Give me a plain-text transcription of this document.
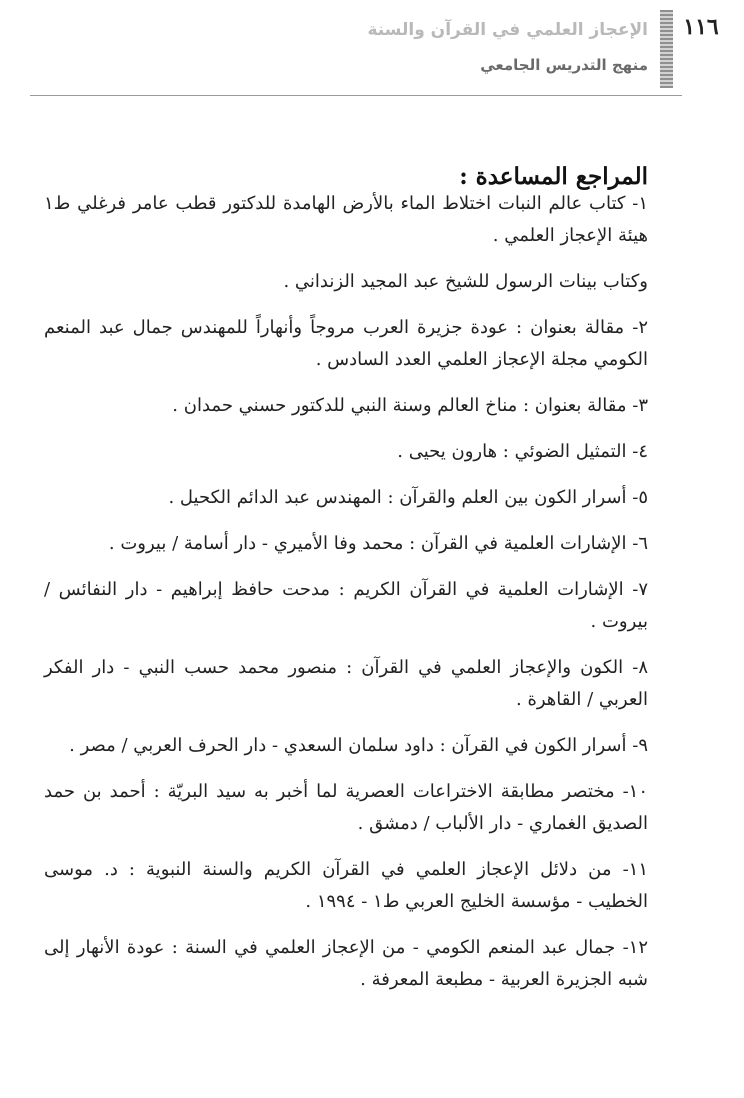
١١٦
الإعجاز العلمي في القرآن والسنة
منهج التدريس الجامعي
المراجع المساعدة :
١- كتاب عالم النبات اختلاط الماء بالأرض الهامدة للدكتور قطب عامر فرغلي ط١ هيئة الإعجاز العلمي .
وكتاب بينات الرسول للشيخ عبد المجيد الزنداني .
٢- مقالة بعنوان : عودة جزيرة العرب مروجاً وأنهاراً للمهندس جمال عبد المنعم الكومي مجلة الإعجاز العلمي العدد السادس .
٣- مقالة بعنوان : مناخ العالم وسنة النبي للدكتور حسني حمدان .
٤- التمثيل الضوئي : هارون يحيى .
٥- أسرار الكون بين العلم والقرآن : المهندس عبد الدائم الكحيل .
٦- الإشارات العلمية في القرآن : محمد وفا الأميري - دار أسامة / بيروت .
٧- الإشارات العلمية في القرآن الكريم : مدحت حافظ إبراهيم - دار النفائس / بيروت .
٨- الكون والإعجاز العلمي في القرآن : منصور محمد حسب النبي - دار الفكر العربي / القاهرة .
٩- أسرار الكون في القرآن : داود سلمان السعدي - دار الحرف العربي / مصر .
١٠- مختصر مطابقة الاختراعات العصرية لما أخبر به سيد البريّة : أحمد بن حمد الصديق الغماري - دار الألباب / دمشق .
١١- من دلائل الإعجاز العلمي في القرآن الكريم والسنة النبوية : د. موسى الخطيب - مؤسسة الخليج العربي ط١ - ١٩٩٤ .
١٢- جمال عبد المنعم الكومي - من الإعجاز العلمي في السنة : عودة الأنهار إلى شبه الجزيرة العربية - مطبعة المعرفة .
